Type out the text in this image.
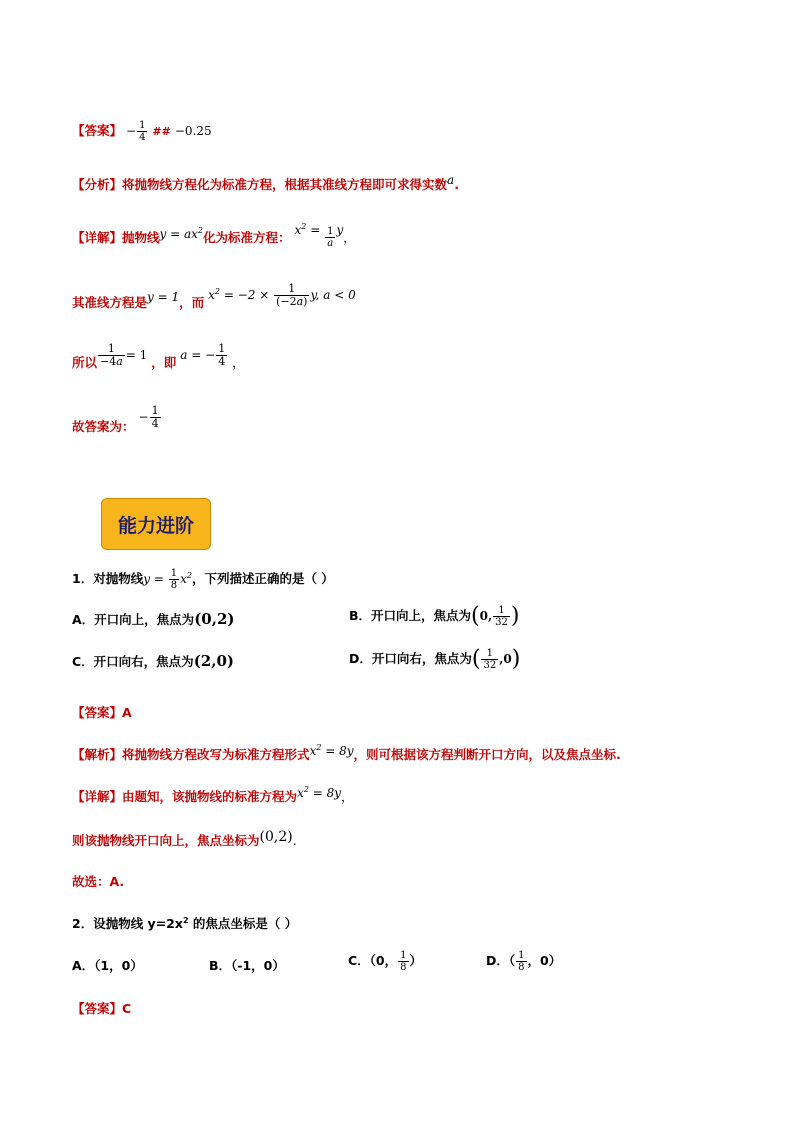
【答案】 − $\frac{1}{4}$ ## −0.25
【分析】将抛物线方程化为标准方程，根据其准线方程即可求得实数$^a$.
【详解】抛物线$y = ax^2$化为标准方程： $x^2 = \frac{1}{a}$ y，
其准线方程是y = 1，而 $x^2 = -2 \times \frac{1}{(-2a)} y$, a < 0
所以 $\frac{1}{-4a} = 1$ ，即 a = − $\frac{1}{4}$ ，
故答案为： − $\frac{1}{4}$
能力进阶
1．对抛物线$y = \frac{1}{8} x^2$，下列描述正确的是（ ）
A．开口向上，焦点为(0,2)	B．开口向上，焦点为(0, $\frac{1}{32}$ )
C．开口向右，焦点为(2,0)	D．开口向右，焦点为( $\frac{1}{32} ,0$)
【答案】A
【解析】将抛物线方程改写为标准方程形式$x^2 = 8y$，则可根据该方程判断开口方向，以及焦点坐标.
【详解】由题知，该抛物线的标准方程为$x^2 = 8y$，
则该抛物线开口向上，焦点坐标为(0,2).
故选：A.
2．设抛物线 $y=2x^2$ 的焦点坐标是（ ）
A．（1，0）	B．（-1，0）	C．（0， $\frac{1}{8}$ ）	D．（ $\frac{1}{8}$ ，0）
【答案】C
